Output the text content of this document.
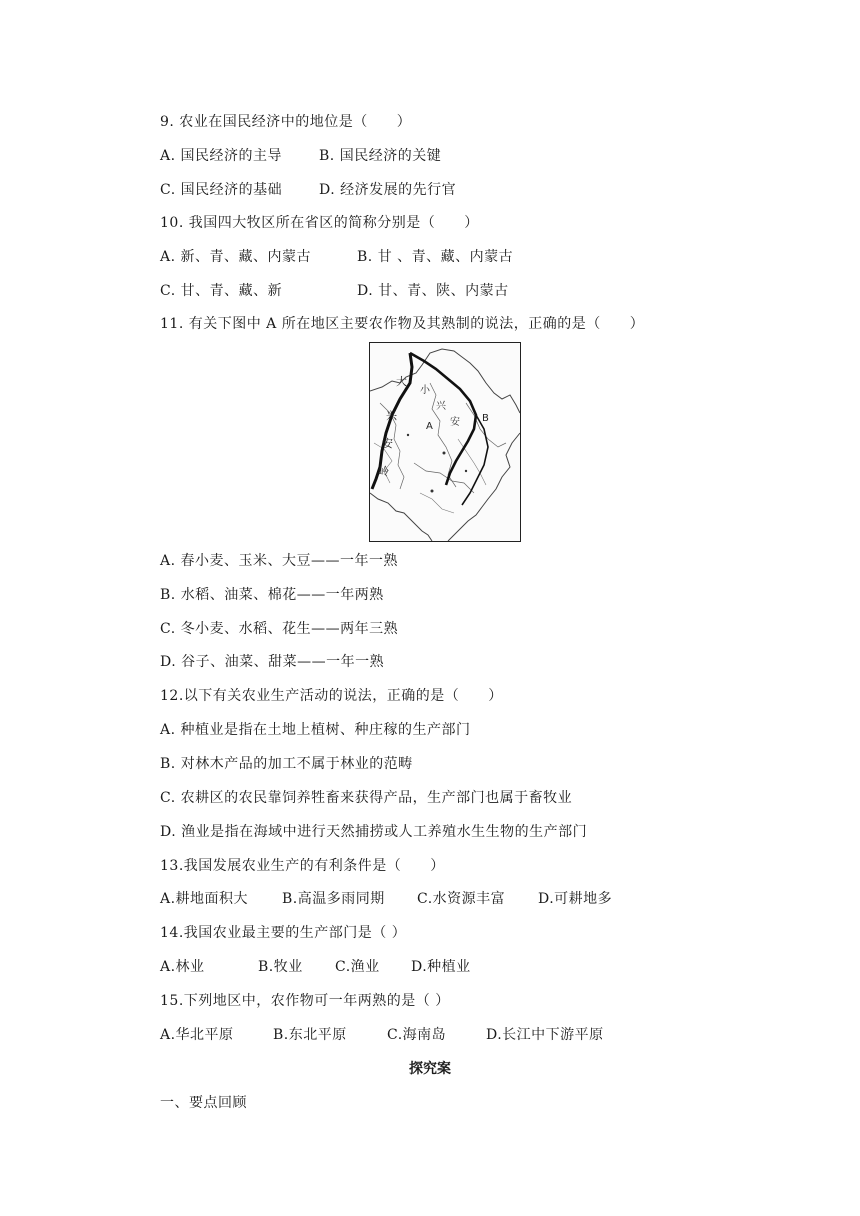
9. 农业在国民经济中的地位是（　　）
A. 国民经济的主导	B. 国民经济的关键
C. 国民经济的基础	D. 经济发展的先行官
10. 我国四大牧区所在省区的简称分别是（　　）
A. 新、青、藏、内蒙古	B. 甘 、青、藏、内蒙古
C. 甘、青、藏、新	D. 甘、青、陕、内蒙古
11. 有关下图中 A 所在地区主要农作物及其熟制的说法，正确的是（　　）
大
兴
安
岭
A
B
小
兴
安
A. 春小麦、玉米、大豆——一年一熟
B. 水稻、油菜、棉花——一年两熟
C. 冬小麦、水稻、花生——两年三熟
D. 谷子、油菜、甜菜——一年一熟
12.以下有关农业生产活动的说法，正确的是（　　）
A. 种植业是指在土地上植树、种庄稼的生产部门
B. 对林木产品的加工不属于林业的范畴
C. 农耕区的农民靠饲养牲畜来获得产品，生产部门也属于畜牧业
D. 渔业是指在海域中进行天然捕捞或人工养殖水生生物的生产部门
13.我国发展农业生产的有利条件是（　　）
A.耕地面积大 B.高温多雨同期 C.水资源丰富 D.可耕地多
14.我国农业最主要的生产部门是（ ）
A.林业	B.牧业 C.渔业 D.种植业
15.下列地区中，农作物可一年两熟的是（ ）
A.华北平原	B.东北平原	C.海南岛	D.长江中下游平原
探究案
一、要点回顾
